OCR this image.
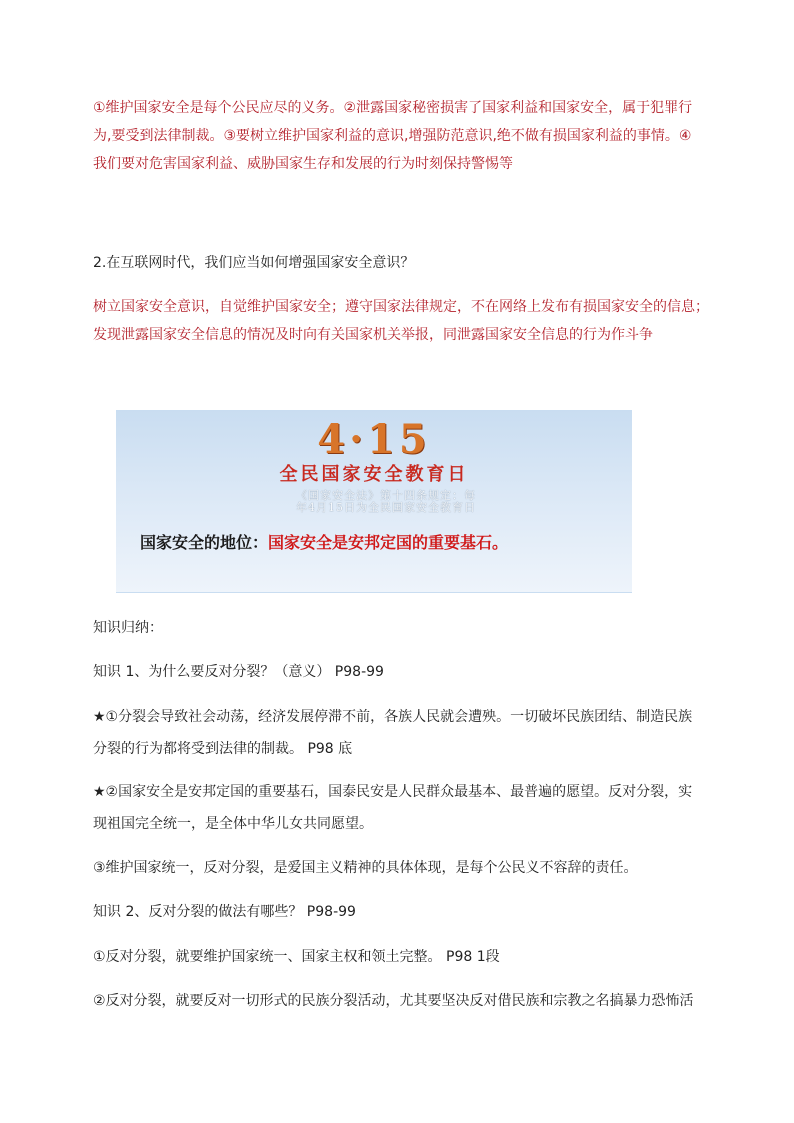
①维护国家安全是每个公民应尽的义务。②泄露国家秘密损害了国家利益和国家安全，属于犯罪行
为,要受到法律制裁。③要树立维护国家利益的意识,增强防范意识,绝不做有损国家利益的事情。④
我们要对危害国家利益、威胁国家生存和发展的行为时刻保持警惕等
2.在互联网时代，我们应当如何增强国家安全意识？
树立国家安全意识，自觉维护国家安全；遵守国家法律规定，不在网络上发布有损国家安全的信息；
发现泄露国家安全信息的情况及时向有关国家机关举报，同泄露国家安全信息的行为作斗争
4·15
全民国家安全教育日
《国家安全法》第十四条规定：每
年4月15日为全民国家安全教育日
国家安全的地位：国家安全是安邦定国的重要基石。
知识归纳：
知识 1、为什么要反对分裂？（意义） P98-99
★①分裂会导致社会动荡，经济发展停滞不前，各族人民就会遭殃。一切破坏民族团结、制造民族
分裂的行为都将受到法律的制裁。 P98 底
★②国家安全是安邦定国的重要基石，国泰民安是人民群众最基本、最普遍的愿望。反对分裂，实
现祖国完全统一，是全体中华儿女共同愿望。
③维护国家统一，反对分裂，是爱国主义精神的具体体现，是每个公民义不容辞的责任。
知识 2、反对分裂的做法有哪些？ P98-99
①反对分裂，就要维护国家统一、国家主权和领土完整。 P98 1段
②反对分裂，就要反对一切形式的民族分裂活动，尤其要坚决反对借民族和宗教之名搞暴力恐怖活
